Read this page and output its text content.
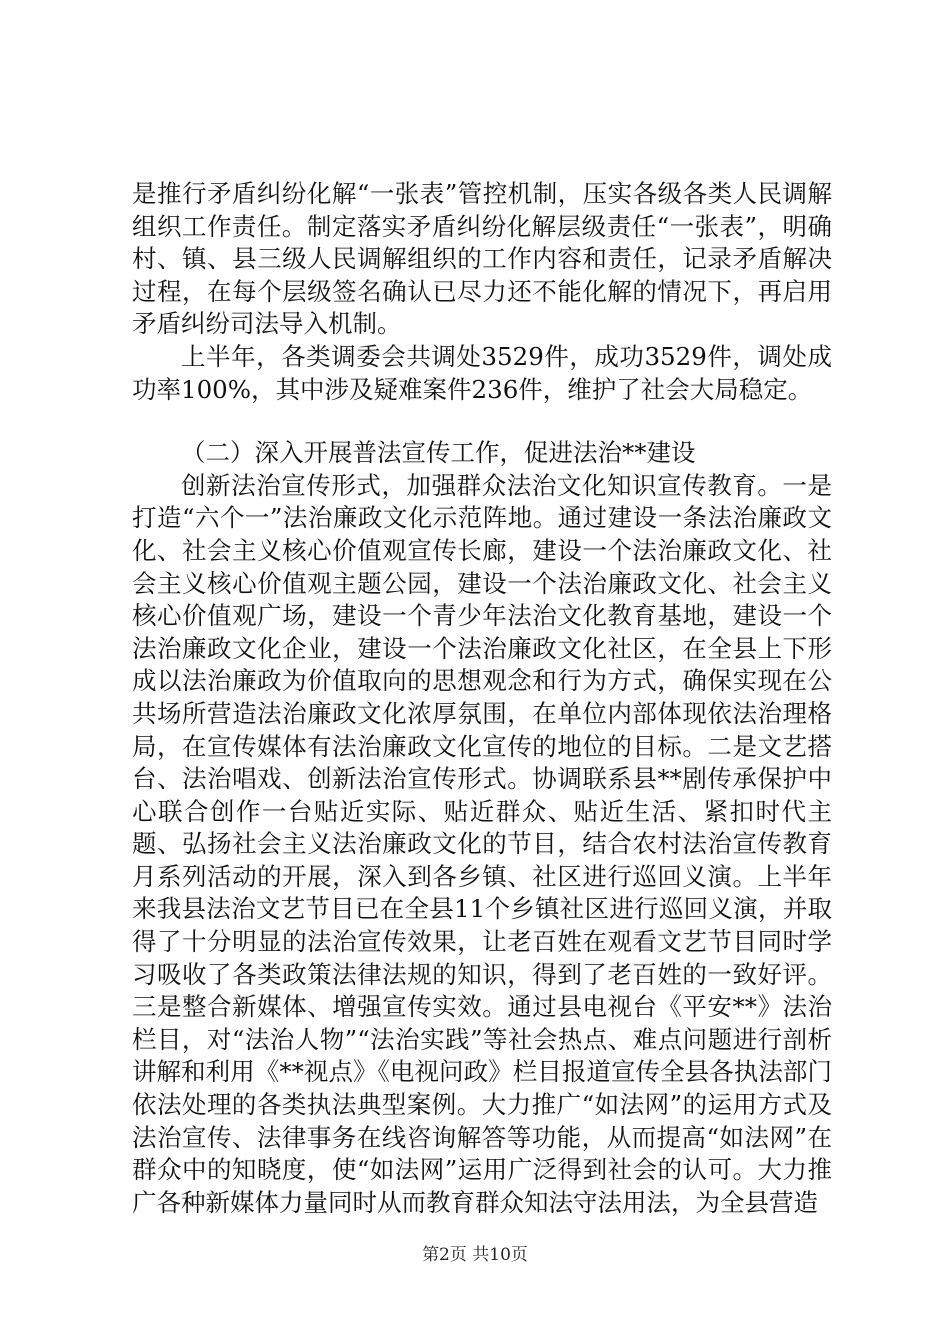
是推行矛盾纠纷化解“一张表”管控机制，压实各级各类人民调解组织工作责任。制定落实矛盾纠纷化解层级责任“一张表”，明确村、镇、县三级人民调解组织的工作内容和责任，记录矛盾解决过程，在每个层级签名确认已尽力还不能化解的情况下，再启用矛盾纠纷司法导入机制。

上半年，各类调委会共调处3529件，成功3529件，调处成功率100%，其中涉及疑难案件236件，维护了社会大局稳定。

（二）深入开展普法宣传工作，促进法治**建设

创新法治宣传形式，加强群众法治文化知识宣传教育。一是打造“六个一”法治廉政文化示范阵地。通过建设一条法治廉政文化、社会主义核心价值观宣传长廊，建设一个法治廉政文化、社会主义核心价值观主题公园，建设一个法治廉政文化、社会主义核心价值观广场，建设一个青少年法治文化教育基地，建设一个法治廉政文化企业，建设一个法治廉政文化社区，在全县上下形成以法治廉政为价值取向的思想观念和行为方式，确保实现在公共场所营造法治廉政文化浓厚氛围，在单位内部体现依法治理格局，在宣传媒体有法治廉政文化宣传的地位的目标。二是文艺搭台、法治唱戏、创新法治宣传形式。协调联系县**剧传承保护中心联合创作一台贴近实际、贴近群众、贴近生活、紧扣时代主题、弘扬社会主义法治廉政文化的节目，结合农村法治宣传教育月系列活动的开展，深入到各乡镇、社区进行巡回义演。上半年来我县法治文艺节目已在全县11个乡镇社区进行巡回义演，并取得了十分明显的法治宣传效果，让老百姓在观看文艺节目同时学习吸收了各类政策法律法规的知识，得到了老百姓的一致好评。三是整合新媒体、增强宣传实效。通过县电视台《平安**》法治栏目，对“法治人物”“法治实践”等社会热点、难点问题进行剖析讲解和利用《**视点》《电视问政》栏目报道宣传全县各执法部门依法处理的各类执法典型案例。大力推广“如法网”的运用方式及法治宣传、法律事务在线咨询解答等功能，从而提高“如法网”在群众中的知晓度，使“如法网”运用广泛得到社会的认可。大力推广各种新媒体力量同时从而教育群众知法守法用法，为全县营造

第2页 共10页
